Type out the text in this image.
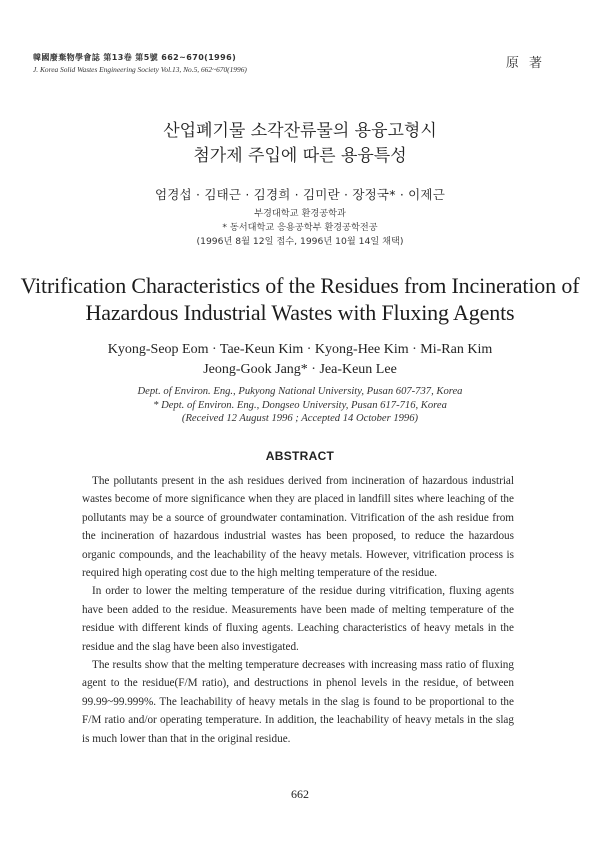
韓國廢棄物學會誌 第13卷 第5號 662~670(1996)
J. Korea Solid Wastes Engineering Society Vol.13, No.5, 662~670(1996)	原 著
산업폐기물 소각잔류물의 용융고형시
첨가제 주입에 따른 용융특성
엄경섭 · 김태근 · 김경희 · 김미란 · 장정국* · 이제근
부경대학교 환경공학과
* 동서대학교 응용공학부 환경공학전공
(1996년 8월 12일 접수, 1996년 10월 14일 채택)
Vitrification Characteristics of the Residues from Incineration of
Hazardous Industrial Wastes with Fluxing Agents
Kyong-Seop Eom · Tae-Keun Kim · Kyong-Hee Kim · Mi-Ran Kim
Jeong-Gook Jang* · Jea-Keun Lee
Dept. of Environ. Eng., Pukyong National University, Pusan 607-737, Korea
* Dept. of Environ. Eng., Dongseo University, Pusan 617-716, Korea
(Received 12 August 1996 ; Accepted 14 October 1996)
ABSTRACT

The pollutants present in the ash residues derived from incineration of hazardous industrial wastes become of more significance when they are placed in landfill sites where leaching of the pollutants may be a source of groundwater contamination. Vitrification of the ash residue from the incineration of hazardous industrial wastes has been proposed, to reduce the hazardous organic compounds, and the leachability of the heavy metals. However, vitrification process is required high operating cost due to the high melting temperature of the residue.

In order to lower the melting temperature of the residue during vitrification, fluxing agents have been added to the residue. Measurements have been made of melting temperature of the residue with different kinds of fluxing agents. Leaching characteristics of heavy metals in the residue and the slag have been also investigated.

The results show that the melting temperature decreases with increasing mass ratio of fluxing agent to the residue(F/M ratio), and destructions in phenol levels in the residue, of between 99.99~99.999%. The leachability of heavy metals in the slag is found to be proportional to the F/M ratio and/or operating temperature. In addition, the leachability of heavy metals in the slag is much lower than that in the original residue.

662
